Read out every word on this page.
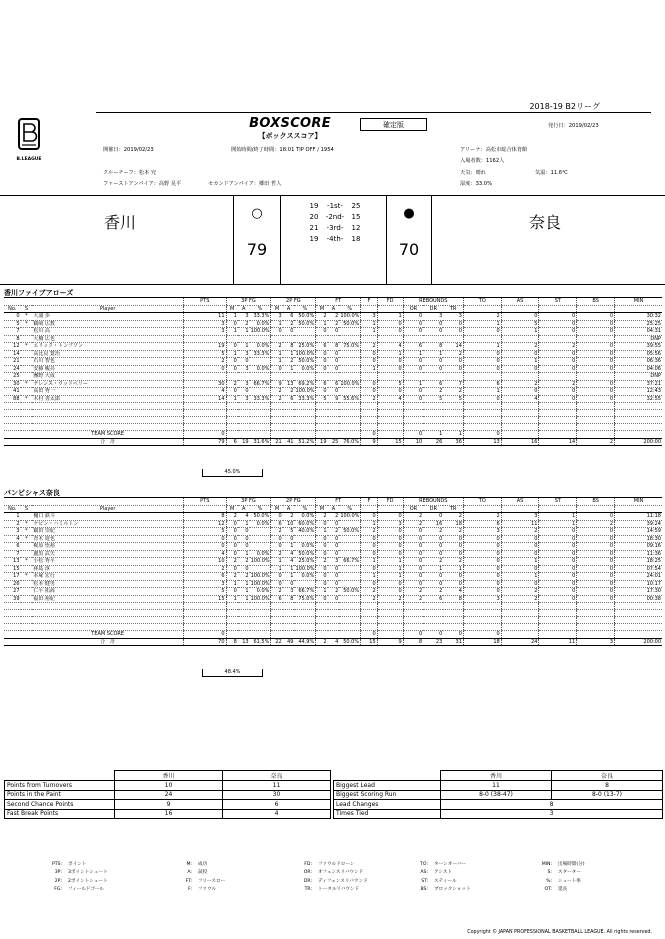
B.LEAGUE
2018-19 B2リーグ
BOXSCORE
【ボックススコア】
確定版	発行日：2019/02/23
開催日：2019/02/23	開始時間/終了時間：18:01 TIP OFF / 1954	アリーナ：高松市総合体育館
入場者数：1162人
クルーチーフ：松本 究	天気：晴れ	気温：11.6℃
ファーストアンパイア：高野 晃平	セカンドアンパイア：郷田 哲人	湿度：33.0%
香川	○
79
●
70
奈良
19 -1st- 25
20 -2nd- 15
21 -3rd- 12
19 -4th- 18
香川ファイブアローズ
			PTS	3P FG			2P FG			FT			F	FD	REBOUNDS			TO	AS	ST	BS	MIN
No.	S	Player		M	A	%	M	A	%	M	A	%			OR	DR	TR					
0	*	大浦 歩	11	1	3	33.3%	3	6	50.0%	2	2	100.0%	3	1	0	3	3	2	0	0	0	30:32
5	*	鶴﨑 広教	3	0	2	0.0%	1	2	50.0%	1	2	50.0%	1	0	0	0	0	1	5	0	0	25:25
7		松川 高	3	1	1	100.0%	0	0		0	0		1	0	0	0	0	0	1	0	0	04:31
8		大橋 広也																				DNP
12	*	エリック・トンプソン	19	0	1	0.0%	2	8	25.0%	6	8	75.0%	2	4	6	8	14	1	2	2	0	39:55
14		高比良 寛治	5	1	3	33.3%	1	1	100.0%	0	0		0	1	1	1	2	0	0	0	0	05:56
21		石川 智也	2	0	0		1	2	50.0%	0	0		0	0	0	0	0	0	1	0	0	06:36
24		安藤 峻亮	0	0	3	0.0%	0	1	0.0%	0	0		1	0	0	0	0	0	0	0	0	04:06
25		團野 大成																				DNP
30	*	テレンス・ウッドベリー	30	2	3	66.7%	9	13	69.2%	6	6	100.0%	0	5	1	6	7	6	2	2	0	37:21
41		高田 秀一	4	0	0		2	2	100.0%	0	0		0	0	0	2	2	1	0	0	0	12:43
88	*	木村 善太郎	14	1	3	33.3%	2	6	33.3%	5	9	55.6%	2	4	0	5	5	0	4	0	0	32:55

		TEAM SCORE	0										0		0	1	1	0				
		合　計	79	6	19	31.6%	21	41	51.2%	19	25	76.0%	9	15	10	26	36	13	16	14	2	200:00
45.0%
バンビシャス奈良
			PTS	3P FG			2P FG			FT			F	FD	REBOUNDS			TO	AS	ST	BS	MIN
No.	S	Player		M	A	%	M	A	%	M	A	%			OR	DR	TR					
1		樋口 鉄斗	8	2	4	50.0%	0	2	0.0%	2	2	100.0%	0	0	2	0	2	2	3	1	0	11:18
2	*	ケビン・ハミルトン	12	0	1	0.0%	6	10	60.0%	0	0		1	3	2	16	18	6	11	1	2	39:24
3	*	鶴田 崇紀	5	0	0		2	5	40.0%	1	2	50.0%	2	0	0	2	2	3	2	0	0	14:59
4	*	青木 遊也	0	0	0		0	0		0	0		0	0	0	0	0	0	0	0	0	18:30
6		梶原 悟裕	0	0	0		0	1	0.0%	0	0		0	0	0	0	0	0	0	0	0	09:16
7		盧黒 武矢	4	0	1	0.0%	2	4	50.0%	0	0		0	0	0	0	0	0	0	0	0	11:36
13	*	小松 秀平	10	2	2	100.0%	1	4	25.0%	2	3	66.7%	1	1	0	2	2	0	1	0	0	18:25
15		林島 淳	2	0	0		1	1	100.0%	0	0		0	1	0	1	1	0	0	0	0	07:54
17	*	本塚 宏行	6	2	2	100.0%	0	1	0.0%	0	0		1	1	0	0	0	0	1	0	0	24:01
26		松本 健男	3	1	1	100.0%	0	0		0	0		0	0	0	0	0	0	0	0	0	10:17
27		仁平 拓海	5	0	1	0.0%	2	3	66.7%	1	2	50.0%	2	0	2	2	4	0	2	0	0	17:30
39		福田 裕紀	15	1	1	100.0%	6	8	75.0%	0	0		2	2	2	6	8	3	2	0	0	00:38

		TEAM SCORE	0										0		0	0	0	0				
		合　計	70	8	13	61.5%	22	49	44.9%	2	4	50.0%	15	9	8	23	31	18	24	11	3	200:00
48.4%
	香川	奈良
Points from Turnovers	10	11
Points in the Paint	24	30
Second Chance Points	9	6
Fast Break Points	16	4
	香川	奈良
Biggest Lead	11	8
Biggest Scoring Run	8-0 (38-47)	8-0 (13-7)
Lead Changes	8	
Times Tied	3	
PTS: ポイント
3P: 3ポイントシュート
2P: 2ポイントシュート
FG: フィールドゴール
M: 成功
A: 試投
FT: フリースロー
F: ファウル
FD: ファウルドローン
OR: オフェンスリバウンド
DR: ディフェンスリバウンド
TR: トータルリバウンド
TO: ターンオーバー
AS: アシスト
ST: スティール
BS: ブロックショット
MIN: 出場時間(分)
S: スターター
%: シュート率
OT: 延長
Copyright © JAPAN PROFESSIONAL BASKETBALL LEAGUE. All rights reserved.
